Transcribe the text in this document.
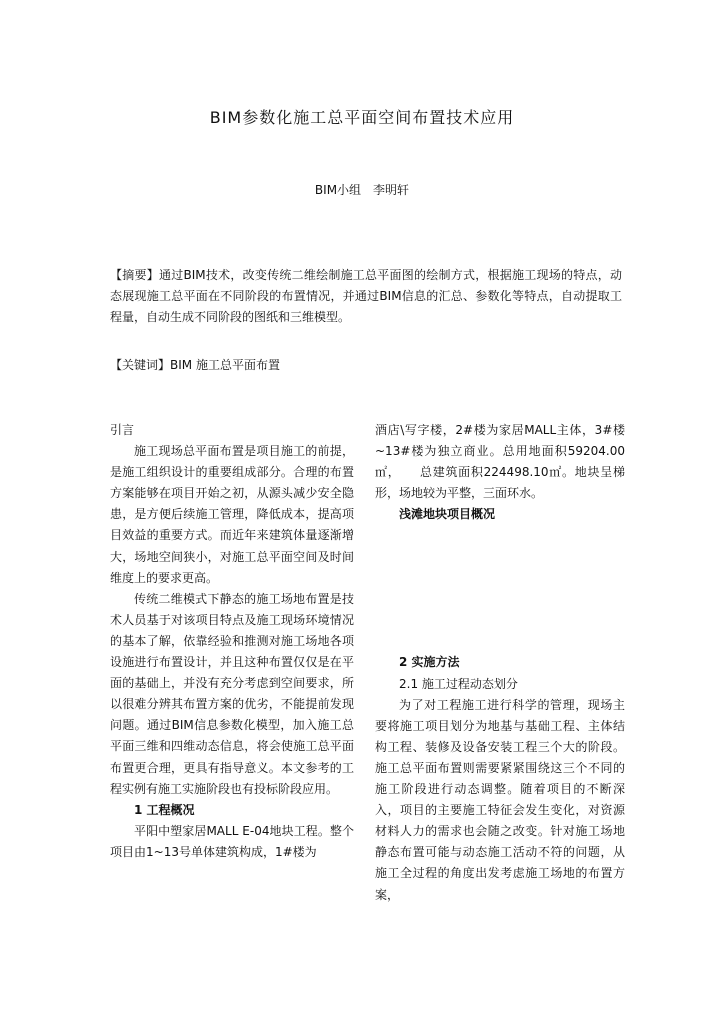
BIM参数化施工总平面空间布置技术应用
BIM小组　李明轩

【摘要】通过BIM技术，改变传统二维绘制施工总平面图的绘制方式，根据施工现场的特点，动态展现施工总平面在不同阶段的布置情况，并通过BIM信息的汇总、参数化等特点，自动提取工程量，自动生成不同阶段的图纸和三维模型。

【关键词】BIM 施工总平面布置

引言

施工现场总平面布置是项目施工的前提，是施工组织设计的重要组成部分。合理的布置方案能够在项目开始之初，从源头减少安全隐患，是方便后续施工管理，降低成本，提高项目效益的重要方式。而近年来建筑体量逐渐增大，场地空间狭小，对施工总平面空间及时间维度上的要求更高。

传统二维模式下静态的施工场地布置是技术人员基于对该项目特点及施工现场环境情况的基本了解，依靠经验和推测对施工场地各项设施进行布置设计，并且这种布置仅仅是在平面的基础上，并没有充分考虑到空间要求，所以很难分辨其布置方案的优劣，不能提前发现问题。通过BIM信息参数化模型，加入施工总平面三维和四维动态信息，将会使施工总平面布置更合理，更具有指导意义。本文参考的工程实例有施工实施阶段也有投标阶段应用。

1 工程概况

平阳中塑家居MALL E-04地块工程。整个项目由1~13号单体建筑构成，1#楼为

酒店\写字楼，2#楼为家居MALL主体，3#楼~13#楼为独立商业。总用地面积59204.00㎡，　　总建筑面积224498.10㎡。地块呈梯形，场地较为平整，三面环水。

浅滩地块项目概况

2 实施方法

2.1 施工过程动态划分

为了对工程施工进行科学的管理，现场主要将施工项目划分为地基与基础工程、主体结构工程、装修及设备安装工程三个大的阶段。施工总平面布置则需要紧紧围绕这三个不同的施工阶段进行动态调整。随着项目的不断深入，项目的主要施工特征会发生变化，对资源材料人力的需求也会随之改变。针对施工场地静态布置可能与动态施工活动不符的问题，从施工全过程的角度出发考虑施工场地的布置方案，
